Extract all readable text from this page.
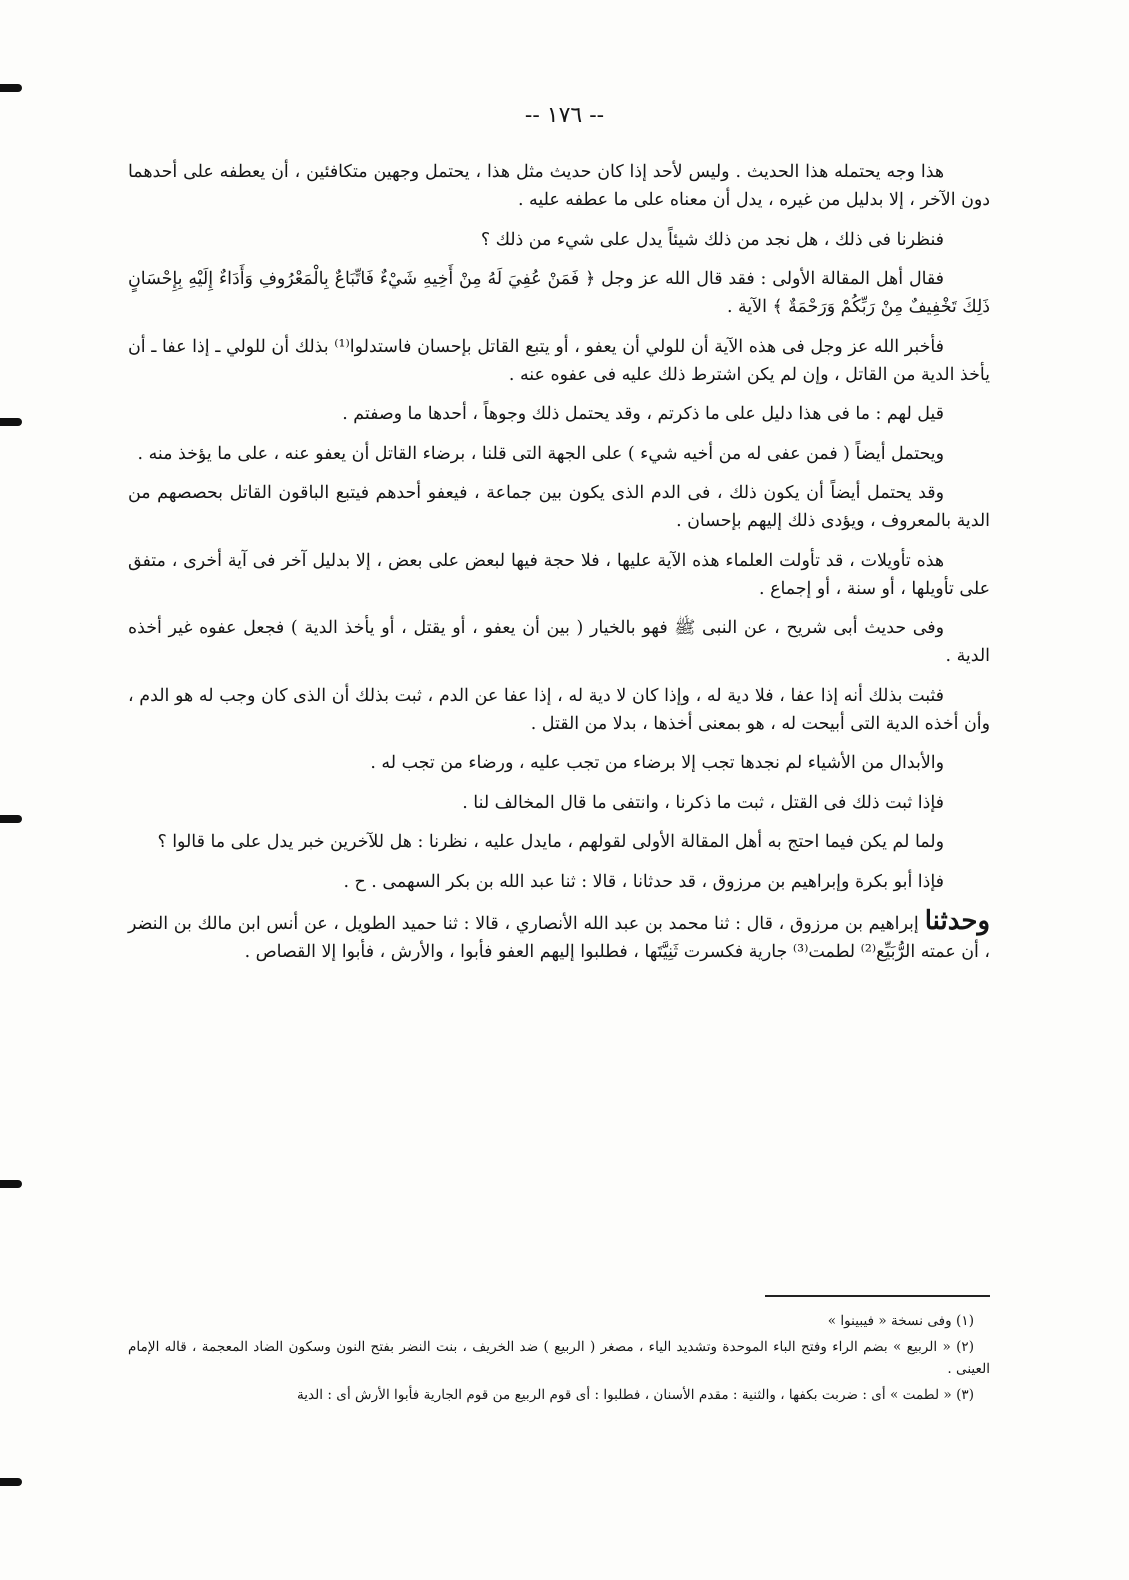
-- ١٧٦ --

هذا وجه يحتمله هذا الحديث . وليس لأحد إذا كان حديث مثل هذا ، يحتمل وجهين متكافئين ، أن يعطفه على أحدهما دون الآخر ، إلا بدليل من غيره ، يدل أن معناه على ما عطفه عليه .

فنظرنا فى ذلك ، هل نجد من ذلك شيئاً يدل على شيء من ذلك ؟

فقال أهل المقالة الأولى : فقد قال الله عز وجل ﴿ فَمَنْ عُفِيَ لَهُ مِنْ أَخِيهِ شَيْءٌ فَاتِّبَاعٌ بِالْمَعْرُوفِ وَأَدَاءٌ إِلَيْهِ بِإِحْسَانٍ ذَلِكَ تَخْفِيفٌ مِنْ رَبِّكُمْ وَرَحْمَةٌ ﴾ الآية .

فأخبر الله عز وجل فى هذه الآية أن للولي أن يعفو ، أو يتبع القاتل بإحسان فاستدلوا⁽¹⁾ بذلك أن للولي ـ إذا عفا ـ أن يأخذ الدية من القاتل ، وإن لم يكن اشترط ذلك عليه فى عفوه عنه .

قيل لهم : ما فى هذا دليل على ما ذكرتم ، وقد يحتمل ذلك وجوهاً ، أحدها ما وصفتم .

ويحتمل أيضاً ( فمن عفى له من أخيه شيء ) على الجهة التى قلنا ، برضاء القاتل أن يعفو عنه ، على ما يؤخذ منه .

وقد يحتمل أيضاً أن يكون ذلك ، فى الدم الذى يكون بين جماعة ، فيعفو أحدهم فيتبع الباقون القاتل بحصصهم من الدية بالمعروف ، ويؤدى ذلك إليهم بإحسان .

هذه تأويلات ، قد تأولت العلماء هذه الآية عليها ، فلا حجة فيها لبعض على بعض ، إلا بدليل آخر فى آية أخرى ، متفق على تأويلها ، أو سنة ، أو إجماع .

وفى حديث أبى شريح ، عن النبى ﷺ فهو بالخيار ( بين أن يعفو ، أو يقتل ، أو يأخذ الدية ) فجعل عفوه غير أخذه الدية .

فثبت بذلك أنه إذا عفا ، فلا دية له ، وإذا كان لا دية له ، إذا عفا عن الدم ، ثبت بذلك أن الذى كان وجب له هو الدم ، وأن أخذه الدية التى أبيحت له ، هو بمعنى أخذها ، بدلا من القتل .

والأبدال من الأشياء لم نجدها تجب إلا برضاء من تجب عليه ، ورضاء من تجب له .

فإذا ثبت ذلك فى القتل ، ثبت ما ذكرنا ، وانتفى ما قال المخالف لنا .

ولما لم يكن فيما احتج به أهل المقالة الأولى لقولهم ، مايدل عليه ، نظرنا : هل للآخرين خبر يدل على ما قالوا ؟

فإذا أبو بكرة وإبراهيم بن مرزوق ، قد حدثانا ، قالا : ثنا عبد الله بن بكر السهمى . ح .

وحدثناإبراهيم بن مرزوق ، قال : ثنا محمد بن عبد الله الأنصاري ، قالا : ثنا حميد الطويل ، عن أنس ابن مالك بن النضر ، أن عمته الرُّبَيِّع⁽²⁾ لطمت⁽³⁾ جارية فكسرت ثَنِيَّتَها ، فطلبوا إليهم العفو فأبوا ، والأرش ، فأبوا إلا القصاص .

(١) وفى نسخة « فيبينوا »

(٢) « الربيع » بضم الراء وفتح الباء الموحدة وتشديد الياء ، مصغر ( الربيع ) ضد الخريف ، بنت النضر بفتح النون وسكون الضاد المعجمة ، قاله الإمام العينى .

(٣) « لطمت » أى : ضربت بكفها ، والثنية : مقدم الأسنان ، فطلبوا : أى قوم الربيع من قوم الجارية فأبوا الأرش أى : الدية
